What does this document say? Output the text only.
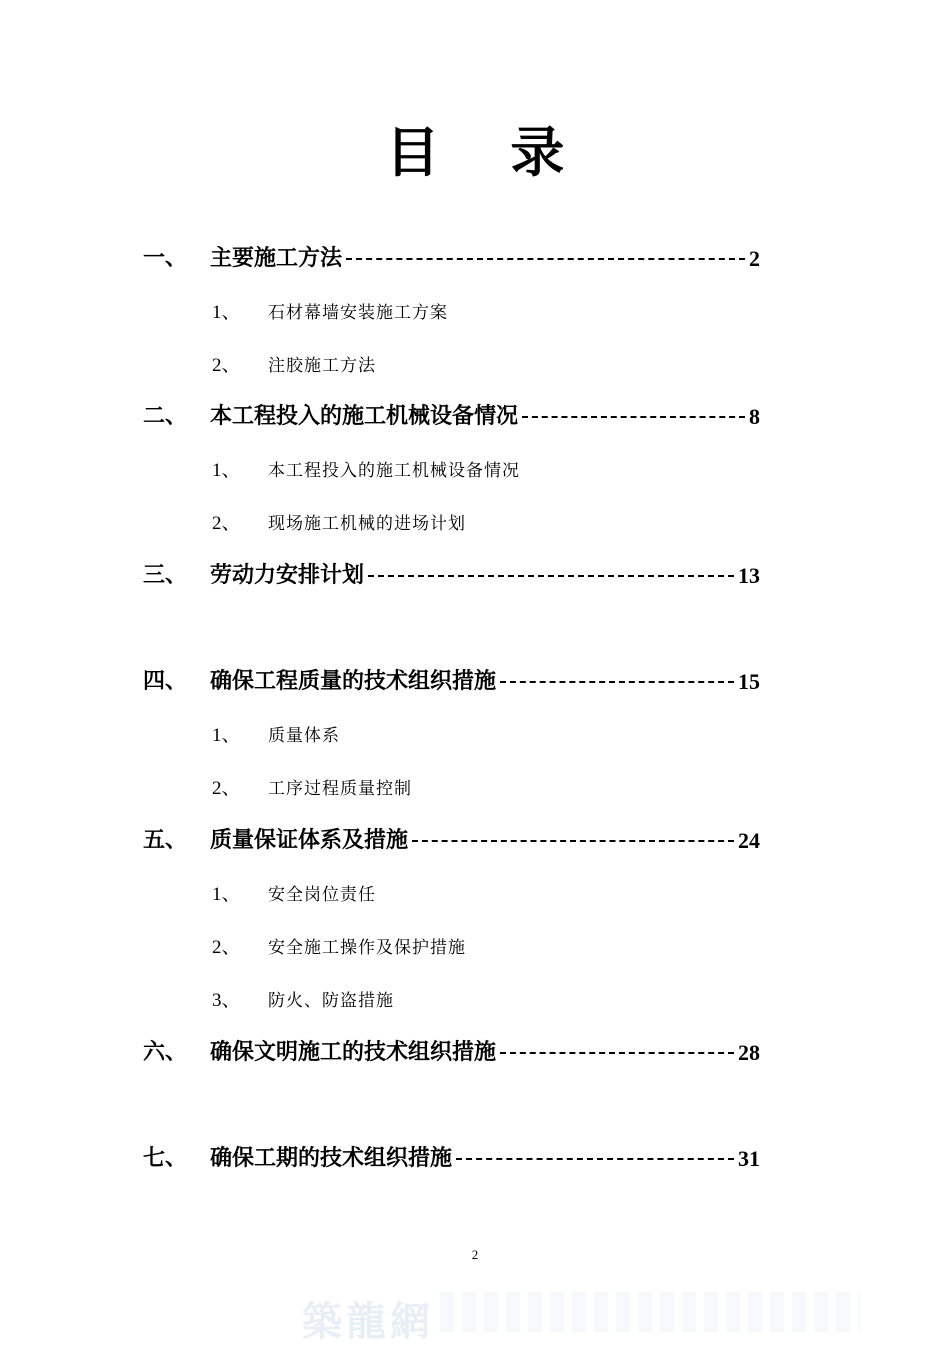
目 录
一、 主要施工方法	2
1、 石材幕墙安装施工方案
2、 注胶施工方法
二、 本工程投入的施工机械设备情况	8
1、 本工程投入的施工机械设备情况
2、 现场施工机械的进场计划
三、 劳动力安排计划	13
四、 确保工程质量的技术组织措施	15
1、 质量体系
2、 工序过程质量控制
五、 质量保证体系及措施	24
1、 安全岗位责任
2、 安全施工操作及保护措施
3、 防火、防盗措施
六、 确保文明施工的技术组织措施	28
七、 确保工期的技术组织措施	31
2
築龍網
